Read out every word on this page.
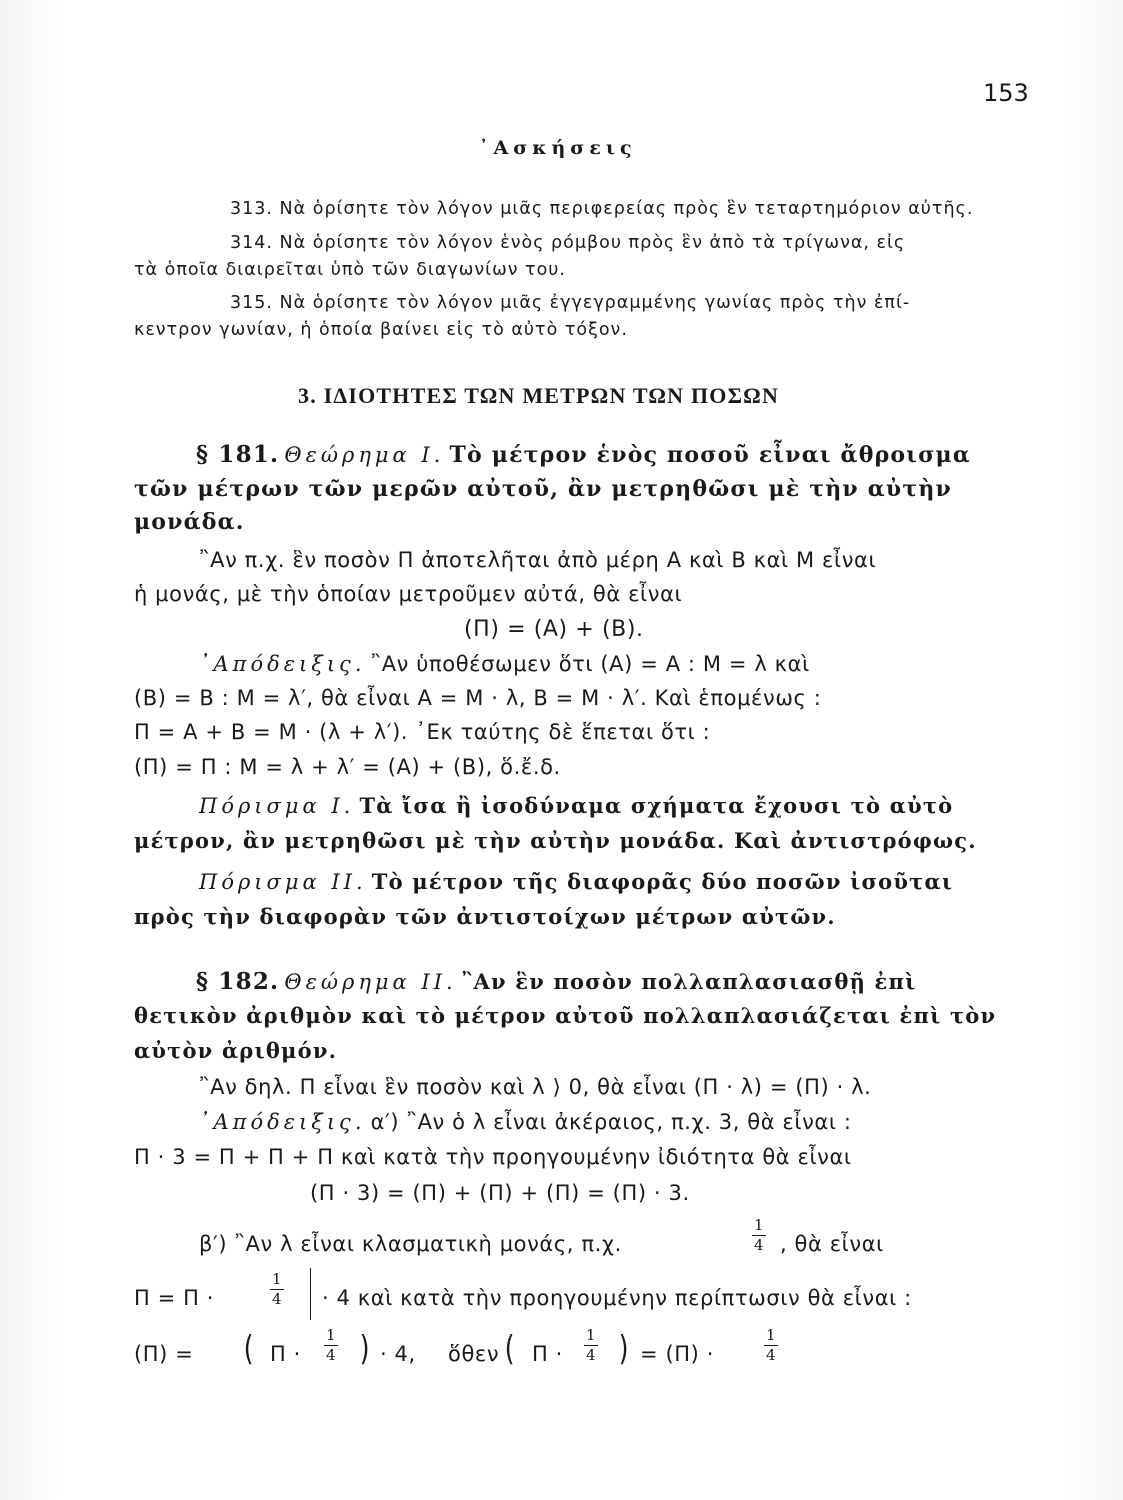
153
᾿Ασκήσεις
313. Νὰ ὁρίσητε τὸν λόγον μιᾶς περιφερείας πρὸς ἓν τεταρτημόριον αὐτῆς.
314. Νὰ ὁρίσητε τὸν λόγον ἑνὸς ρόμβου πρὸς ἓν ἀπὸ τὰ τρίγωνα, εἰς
τὰ ὁποῖα διαιρεῖται ὑπὸ τῶν διαγωνίων του.
315. Νὰ ὁρίσητε τὸν λόγον μιᾶς ἐγγεγραμμένης γωνίας πρὸς τὴν ἐπί-
κεντρον γωνίαν, ἡ ὁποία βαίνει εἰς τὸ αὐτὸ τόξον.
3. ΙΔΙΟΤΗΤΕΣ ΤΩΝ ΜΕΤΡΩΝ ΤΩΝ ΠΟΣΩΝ
§ 181. Θεώρημα Ι. Τὸ μέτρον ἑνὸς ποσοῦ εἶναι ἄθροισμα
τῶν μέτρων τῶν μερῶν αὐτοῦ, ἂν μετρηθῶσι μὲ τὴν αὐτὴν
μονάδα.
῍Αν π.χ. ἓν ποσὸν Π ἀποτελῆται ἀπὸ μέρη Α καὶ Β καὶ Μ εἶναι
ἡ μονάς, μὲ τὴν ὁποίαν μετροῦμεν αὐτά, θὰ εἶναι
(Π) = (Α) + (Β).
᾿Απόδειξις. ῍Αν ὑποθέσωμεν ὅτι (Α) = Α : Μ = λ καὶ
(Β) = Β : Μ = λ′, θὰ εἶναι Α = Μ · λ, Β = Μ · λ′. Καὶ ἑπομένως :
Π = Α + Β = Μ · (λ + λ′). ᾿Εκ ταύτης δὲ ἕπεται ὅτι :
(Π) = Π : Μ = λ + λ′ = (Α) + (Β), ὅ.ἔ.δ.
Πόρισμα Ι. Τὰ ἴσα ἢ ἰσοδύναμα σχήματα ἔχουσι τὸ αὐτὸ
μέτρον, ἂν μετρηθῶσι μὲ τὴν αὐτὴν μονάδα. Καὶ ἀντιστρόφως.
Πόρισμα ΙΙ. Τὸ μέτρον τῆς διαφορᾶς δύο ποσῶν ἰσοῦται
πρὸς τὴν διαφορὰν τῶν ἀντιστοίχων μέτρων αὐτῶν.
§ 182. Θεώρημα ΙΙ. ῍Αν ἓν ποσὸν πολλαπλασιασθῇ ἐπὶ
θετικὸν ἀριθμὸν καὶ τὸ μέτρον αὐτοῦ πολλαπλασιάζεται ἐπὶ τὸν
αὐτὸν ἀριθμόν.
῍Αν δηλ. Π εἶναι ἓν ποσὸν καὶ λ ⟩ 0, θὰ εἶναι (Π · λ) = (Π) · λ.
᾿Απόδειξις. α′) ῍Αν ὁ λ εἶναι ἀκέραιος, π.χ. 3, θὰ εἶναι :
Π · 3 = Π + Π + Π καὶ κατὰ τὴν προηγουμένην ἰδιότητα θὰ εἶναι
(Π · 3) = (Π) + (Π) + (Π) = (Π) · 3.
β′) ῍Αν λ εἶναι κλασματικὴ μονάς, π.χ.
1
4 , θὰ εἶναι
Π = Π ·
1
4 · 4 καὶ κατὰ τὴν προηγουμένην περίπτωσιν θὰ εἶναι :
(Π) = ( Π ·
1
4 ) · 4, ὅθεν ( Π ·
1
4 ) = (Π) ·
1
4
